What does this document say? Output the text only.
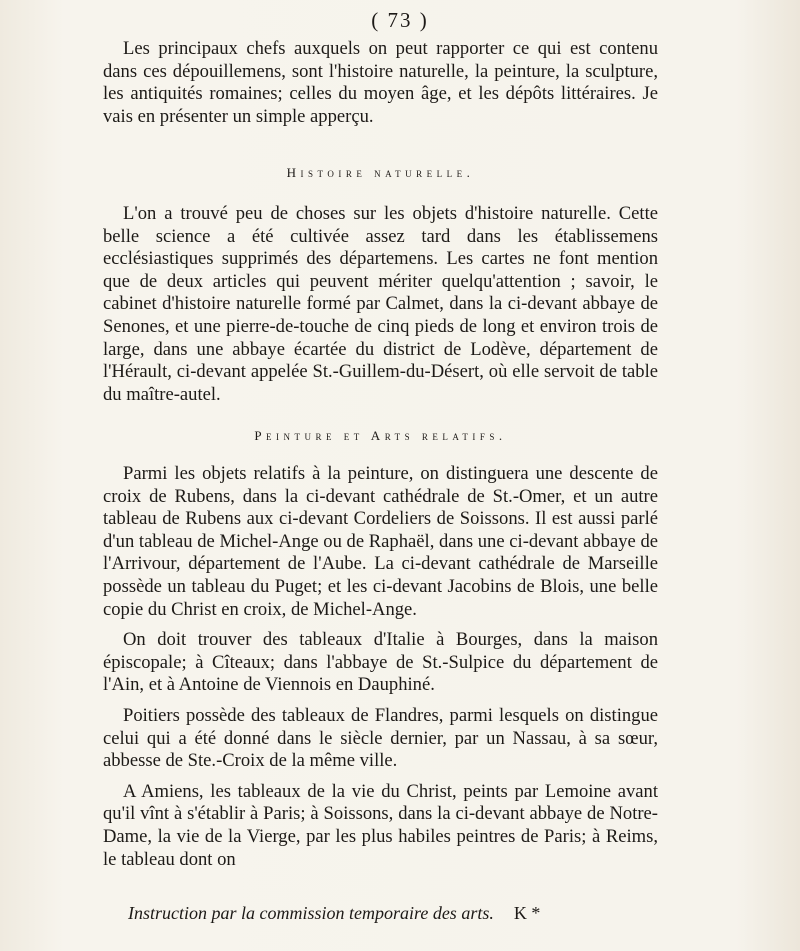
( 73 )

Les principaux chefs auxquels on peut rapporter ce qui est contenu dans ces dépouillemens, sont l'histoire naturelle, la peinture, la sculpture, les antiquités romaines; celles du moyen âge, et les dépôts littéraires. Je vais en présenter un simple apperçu.

Histoire naturelle.

L'on a trouvé peu de choses sur les objets d'histoire naturelle. Cette belle science a été cultivée assez tard dans les établissemens ecclésiastiques supprimés des départemens. Les cartes ne font mention que de deux articles qui peuvent mériter quelqu'attention ; savoir, le cabinet d'histoire naturelle formé par Calmet, dans la ci-devant abbaye de Senones, et une pierre-de-touche de cinq pieds de long et environ trois de large, dans une abbaye écartée du district de Lodève, département de l'Hérault, ci-devant appelée St.-Guillem-du-Désert, où elle servoit de table du maître-autel.

Peinture et Arts relatifs.

Parmi les objets relatifs à la peinture, on distinguera une descente de croix de Rubens, dans la ci-devant cathédrale de St.-Omer, et un autre tableau de Rubens aux ci-devant Cordeliers de Soissons. Il est aussi parlé d'un tableau de Michel-Ange ou de Raphaël, dans une ci-devant abbaye de l'Arrivour, département de l'Aube. La ci-devant cathédrale de Marseille possède un tableau du Puget; et les ci-devant Jacobins de Blois, une belle copie du Christ en croix, de Michel-Ange.

On doit trouver des tableaux d'Italie à Bourges, dans la maison épiscopale; à Cîteaux; dans l'abbaye de St.-Sulpice du département de l'Ain, et à Antoine de Viennois en Dauphiné.

Poitiers possède des tableaux de Flandres, parmi lesquels on distingue celui qui a été donné dans le siècle dernier, par un Nassau, à sa sœur, abbesse de Ste.-Croix de la même ville.

A Amiens, les tableaux de la vie du Christ, peints par Lemoine avant qu'il vînt à s'établir à Paris; à Soissons, dans la ci-devant abbaye de Notre-Dame, la vie de la Vierge, par les plus habiles peintres de Paris; à Reims, le tableau dont on

Instruction par la commission temporaire des arts. K *
